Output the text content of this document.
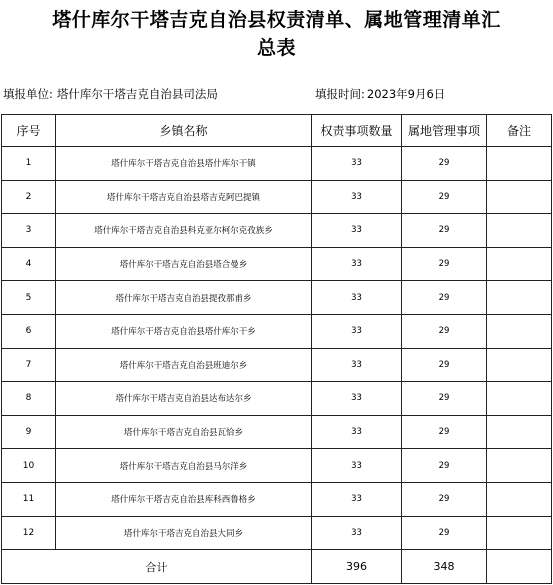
塔什库尔干塔吉克自治县权责清单、属地管理清单汇
总表
填报单位: 塔什库尔干塔吉克自治县司法局	填报时间: 2023年9月6日
序号	乡镇名称	权责事项数量	属地管理事项	备注
1	塔什库尔干塔吉克自治县塔什库尔干镇	33	29	
2	塔什库尔干塔吉克自治县塔吉克阿巴提镇	33	29	
3	塔什库尔干塔吉克自治县科克亚尔柯尔克孜族乡	33	29	
4	塔什库尔干塔吉克自治县塔合曼乡	33	29	
5	塔什库尔干塔吉克自治县提孜那甫乡	33	29	
6	塔什库尔干塔吉克自治县塔什库尔干乡	33	29	
7	塔什库尔干塔吉克自治县班迪尔乡	33	29	
8	塔什库尔干塔吉克自治县达布达尔乡	33	29	
9	塔什库尔干塔吉克自治县瓦恰乡	33	29	
10	塔什库尔干塔吉克自治县马尔洋乡	33	29	
11	塔什库尔干塔吉克自治县库科西鲁格乡	33	29	
12	塔什库尔干塔吉克自治县大同乡	33	29	
合计		396	348	
